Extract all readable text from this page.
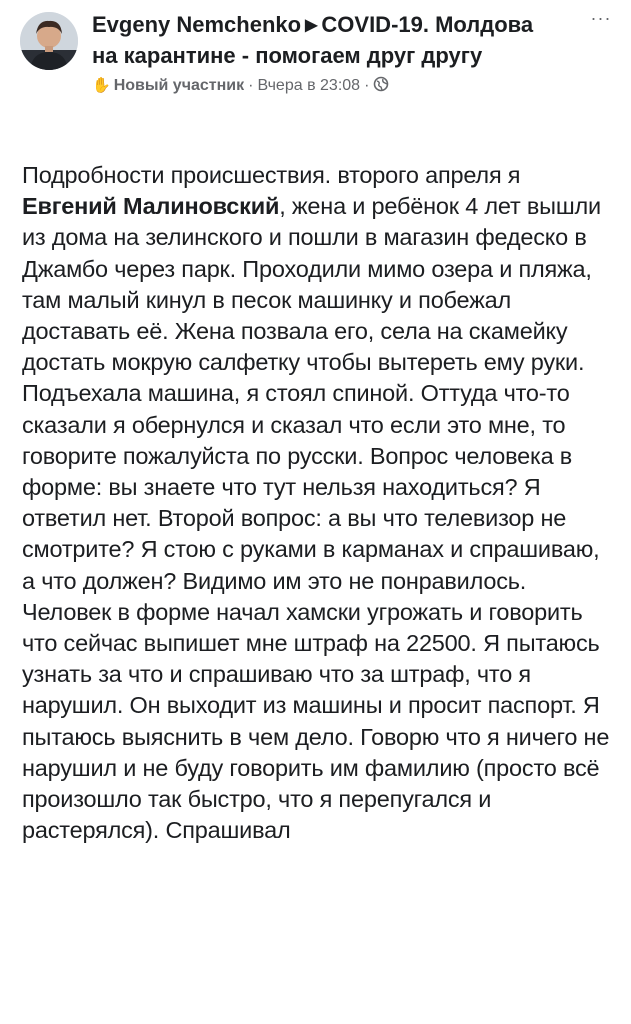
Evgeny Nemchenko ▶ COVID-19. Молдова на карантине - помогаем друг другу

✋ Новый участник · Вчера в 23:08 ·
···

Подробности происшествия. второго апреля я Евгений Малиновский, жена и ребёнок 4 лет вышли из дома на зелинского и пошли в магазин федеско в Джамбо через парк. Проходили мимо озера и пляжа, там малый кинул в песок машинку и побежал доставать её. Жена позвала его, села на скамейку достать мокрую салфетку чтобы вытереть ему руки. Подъехала машина, я стоял спиной. Оттуда что-то сказали я обернулся и сказал что если это мне, то говорите пожалуйста по русски. Вопрос человека в форме: вы знаете что тут нельзя находиться? Я ответил нет. Второй вопрос: а вы что телевизор не смотрите? Я стою с руками в карманах и спрашиваю, а что должен? Видимо им это не понравилось. Человек в форме начал хамски угрожать и говорить что сейчас выпишет мне штраф на 22500. Я пытаюсь узнать за что и спрашиваю что за штраф, что я нарушил. Он выходит из машины и просит паспорт. Я пытаюсь выяснить в чем дело. Говорю что я ничего не нарушил и не буду говорить им фамилию (просто всё произошло так быстро, что я перепугался и растерялся). Спрашивал
